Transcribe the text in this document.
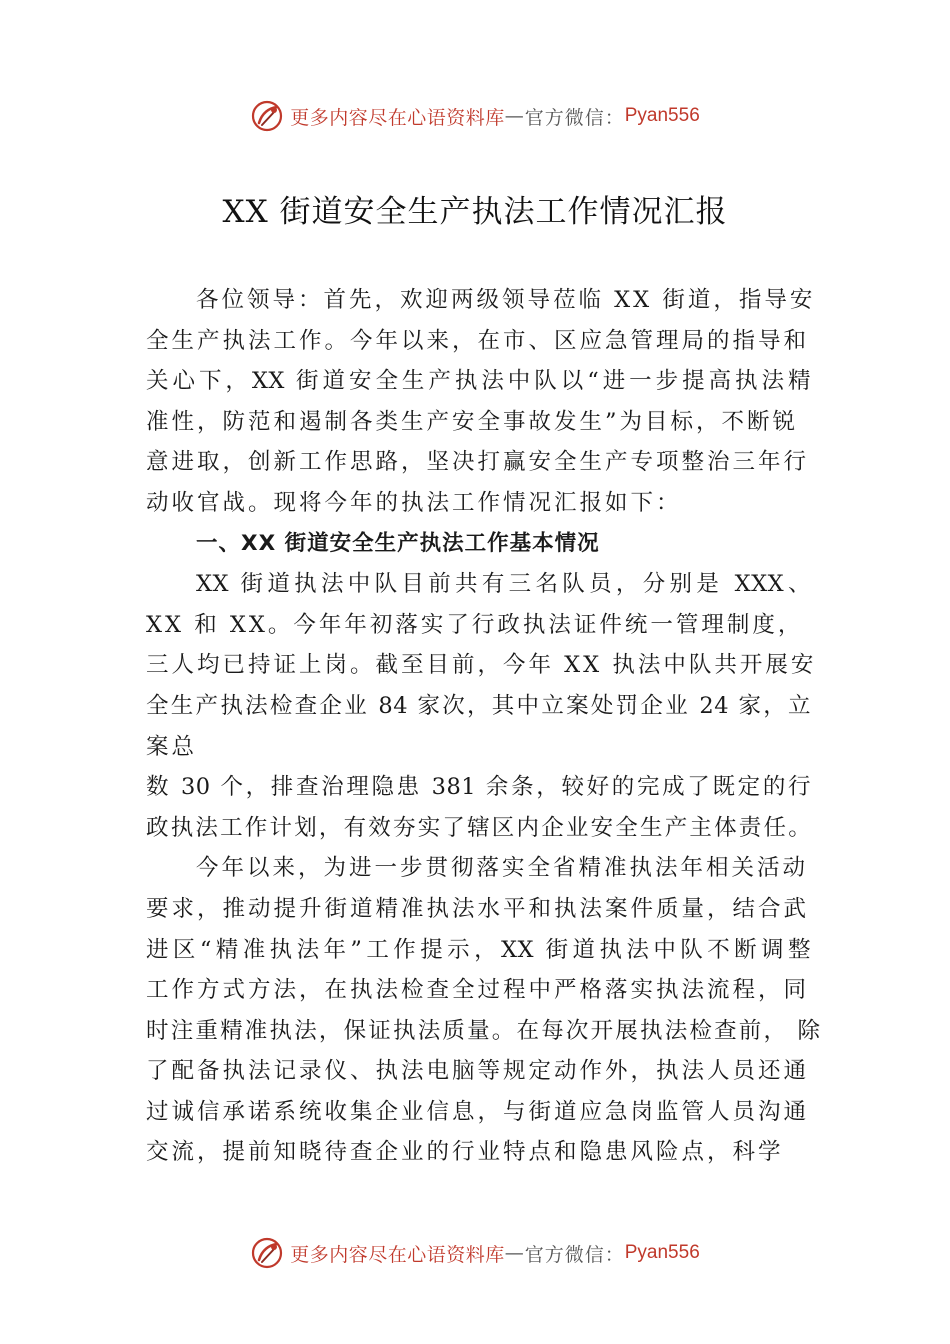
更多内容尽在心语资料库 — 官方微信： Pyan556
XX 街道安全生产执法工作情况汇报
各位领导：首先，欢迎两级领导莅临 XX 街道，指导安
全生产执法工作。今年以来，在市、区应急管理局的指导和
关心下，XX 街道安全生产执法中队以“进一步提高执法精
准性，防范和遏制各类生产安全事故发生”为目标，不断锐
意进取，创新工作思路，坚决打赢安全生产专项整治三年行
动收官战。现将今年的执法工作情况汇报如下：
一、XX 街道安全生产执法工作基本情况
XX 街道执法中队目前共有三名队员，分别是 XXX、
XX 和 XX。今年年初落实了行政执法证件统一管理制度，
三人均已持证上岗。截至目前，今年 XX 执法中队共开展安
全生产执法检查企业 84 家次，其中立案处罚企业 24 家，立
案总
数 30 个，排查治理隐患 381 余条，较好的完成了既定的行
政执法工作计划，有效夯实了辖区内企业安全生产主体责任。
今年以来，为进一步贯彻落实全省精准执法年相关活动
要求，推动提升街道精准执法水平和执法案件质量，结合武
进区“精准执法年”工作提示，XX 街道执法中队不断调整
工作方式方法，在执法检查全过程中严格落实执法流程，同
时注重精准执法，保证执法质量。在每次开展执法检查前， 除
了配备执法记录仪、执法电脑等规定动作外，执法人员还通
过诚信承诺系统收集企业信息，与街道应急岗监管人员沟通
交流，提前知晓待查企业的行业特点和隐患风险点，科学
更多内容尽在心语资料库 — 官方微信： Pyan556
